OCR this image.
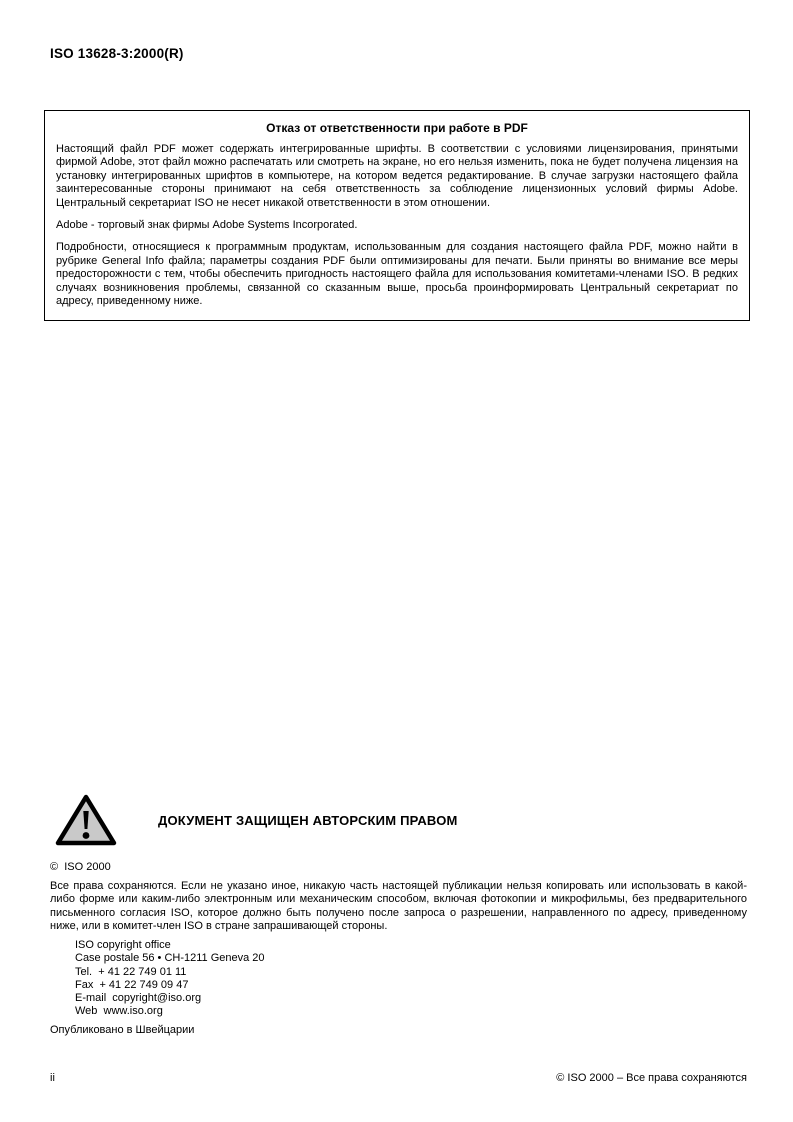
ISO 13628-3:2000(R)
Отказ от ответственности при работе в PDF

Настоящий файл PDF может содержать интегрированные шрифты. В соответствии с условиями лицензирования, принятыми фирмой Adobe, этот файл можно распечатать или смотреть на экране, но его нельзя изменить, пока не будет получена лицензия на установку интегрированных шрифтов в компьютере, на котором ведется редактирование. В случае загрузки настоящего файла заинтересованные стороны принимают на себя ответственность за соблюдение лицензионных условий фирмы Adobe. Центральный секретариат ISO не несет никакой ответственности в этом отношении.

Adobe - торговый знак фирмы Adobe Systems Incorporated.

Подробности, относящиеся к программным продуктам, использованным для создания настоящего файла PDF, можно найти в рубрике General Info файла; параметры создания PDF были оптимизированы для печати. Были приняты во внимание все меры предосторожности с тем, чтобы обеспечить пригодность настоящего файла для использования комитетами-членами ISO. В редких случаях возникновения проблемы, связанной со сказанным выше, просьба проинформировать Центральный секретариат по адресу, приведенному ниже.

ДОКУМЕНТ ЗАЩИЩЕН АВТОРСКИМ ПРАВОМ
©  ISO 2000
Все права сохраняются. Если не указано иное, никакую часть настоящей публикации нельзя копировать или использовать в какой-либо форме или каким-либо электронным или механическим способом, включая фотокопии и микрофильмы, без предварительного письменного согласия ISO, которое должно быть получено после запроса о разрешении, направленного по адресу, приведенному ниже, или в комитет-член ISO в стране запрашивающей стороны.
ISO copyright office
Case postale 56 • CH-1211 Geneva 20
Tel.  + 41 22 749 01 11
Fax  + 41 22 749 09 47
E-mail  copyright@iso.org
Web  www.iso.org
Опубликовано в Швейцарии
ii	© ISO 2000 – Все права сохраняются
